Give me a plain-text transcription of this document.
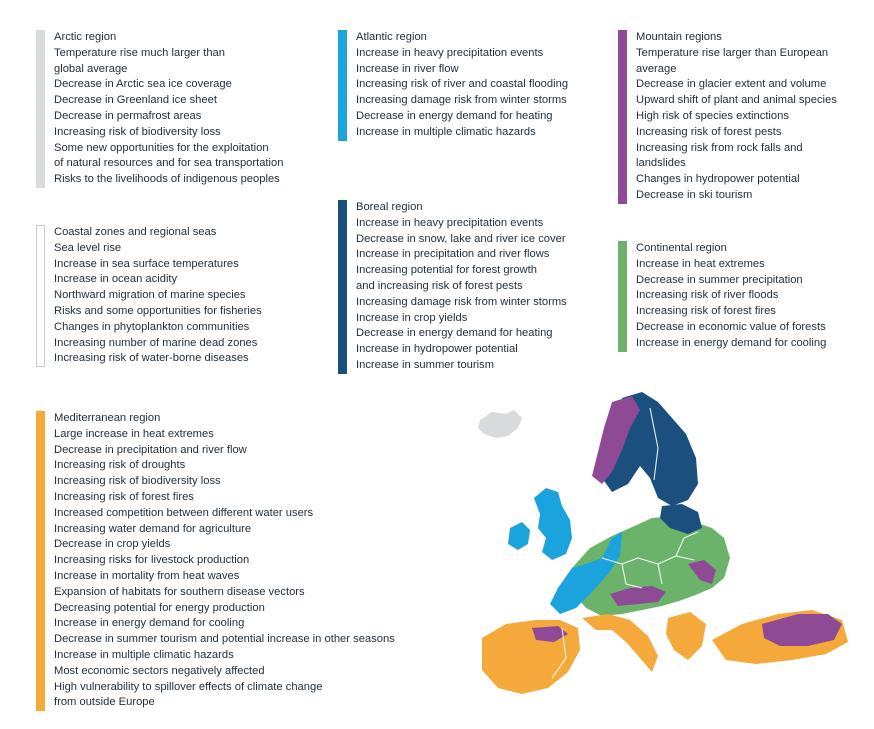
Arctic region

Temperature rise much larger than
global average
Decrease in Arctic sea ice coverage
Decrease in Greenland ice sheet
Decrease in permafrost areas
Increasing risk of biodiversity loss
Some new opportunities for the exploitation
of natural resources and for sea transportation
Risks to the livelihoods of indigenous peoples

Atlantic region

Increase in heavy precipitation events
Increase in river flow
Increasing risk of river and coastal flooding
Increasing damage risk from winter storms
Decrease in energy demand for heating
Increase in multiple climatic hazards

Mountain regions

Temperature rise larger than European
average
Decrease in glacier extent and volume
Upward shift of plant and animal species
High risk of species extinctions
Increasing risk of forest pests
Increasing risk from rock falls and
landslides
Changes in hydropower potential
Decrease in ski tourism

Coastal zones and regional seas

Sea level rise
Increase in sea surface temperatures
Increase in ocean acidity
Northward migration of marine species
Risks and some opportunities for fisheries
Changes in phytoplankton communities
Increasing number of marine dead zones
Increasing risk of water-borne diseases

Boreal region

Increase in heavy precipitation events
Decrease in snow, lake and river ice cover
Increase in precipitation and river flows
Increasing potential for forest growth
and increasing risk of forest pests
Increasing damage risk from winter storms
Increase in crop yields
Decrease in energy demand for heating
Increase in hydropower potential
Increase in summer tourism

Continental region

Increase in heat extremes
Decrease in summer precipitation
Increasing risk of river floods
Increasing risk of forest fires
Decrease in economic value of forests
Increase in energy demand for cooling

Mediterranean region

Large increase in heat extremes
Decrease in precipitation and river flow
Increasing risk of droughts
Increasing risk of biodiversity loss
Increasing risk of forest fires
Increased competition between different water users
Increasing water demand for agriculture
Decrease in crop yields
Increasing risks for livestock production
Increase in mortality from heat waves
Expansion of habitats for southern disease vectors
Decreasing potential for energy production
Increase in energy demand for cooling
Decrease in summer tourism and potential increase in other seasons
Increase in multiple climatic hazards
Most economic sectors negatively affected
High vulnerability to spillover effects of climate change
from outside Europe
